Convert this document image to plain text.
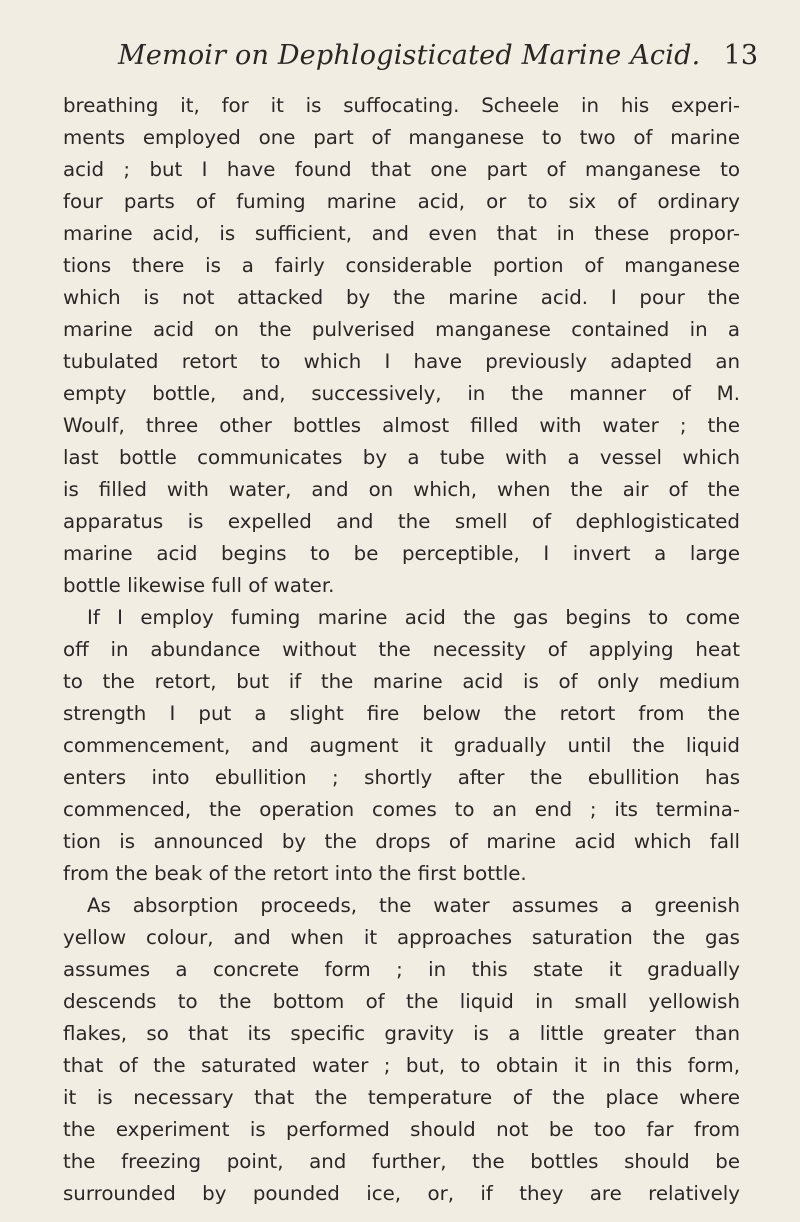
Memoir on Dephlogisticated Marine Acid. 13
breathing it, for it is suffocating. Scheele in his experi-
ments employed one part of manganese to two of marine
acid ; but I have found that one part of manganese to
four parts of fuming marine acid, or to six of ordinary
marine acid, is sufficient, and even that in these propor-
tions there is a fairly considerable portion of manganese
which is not attacked by the marine acid. I pour the
marine acid on the pulverised manganese contained in a
tubulated retort to which I have previously adapted an
empty bottle, and, successively, in the manner of M.
Woulf, three other bottles almost filled with water ; the
last bottle communicates by a tube with a vessel which
is filled with water, and on which, when the air of the
apparatus is expelled and the smell of dephlogisticated
marine acid begins to be perceptible, I invert a large
bottle likewise full of water.
If I employ fuming marine acid the gas begins to come
off in abundance without the necessity of applying heat
to the retort, but if the marine acid is of only medium
strength I put a slight fire below the retort from the
commencement, and augment it gradually until the liquid
enters into ebullition ; shortly after the ebullition has
commenced, the operation comes to an end ; its termina-
tion is announced by the drops of marine acid which fall
from the beak of the retort into the first bottle.
As absorption proceeds, the water assumes a greenish
yellow colour, and when it approaches saturation the gas
assumes a concrete form ; in this state it gradually
descends to the bottom of the liquid in small yellowish
flakes, so that its specific gravity is a little greater than
that of the saturated water ; but, to obtain it in this form,
it is necessary that the temperature of the place where
the experiment is performed should not be too far from
the freezing point, and further, the bottles should be
surrounded by pounded ice, or, if they are relatively
